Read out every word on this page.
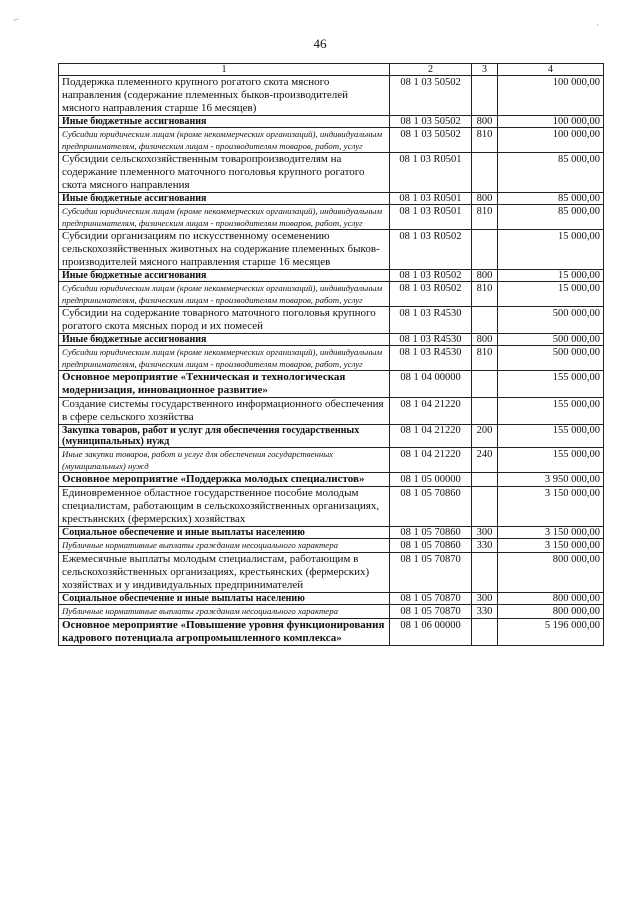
46
⌐
·
1	2	3	4
Поддержка племенного крупного рогатого скота мясного направления (содержание племенных быков-производителей мясного направления старше 16 месяцев)	08 1 03 50502		100 000,00
Иные бюджетные ассигнования	08 1 03 50502	800	100 000,00
Субсидии юридическим лицам (кроме некоммерческих организаций), индивидуальным предпринимателям, физическим лицам - производителям товаров, работ, услуг	08 1 03 50502	810	100 000,00
Субсидии сельскохозяйственным товаропроизводителям на содержание племенного маточного поголовья крупного рогатого скота мясного направления	08 1 03 R0501		85 000,00
Иные бюджетные ассигнования	08 1 03 R0501	800	85 000,00
Субсидии юридическим лицам (кроме некоммерческих организаций), индивидуальным предпринимателям, физическим лицам - производителям товаров, работ, услуг	08 1 03 R0501	810	85 000,00
Субсидии организациям по искусственному осеменению сельскохозяйственных животных на содержание племенных быков-производителей мясного направления старше 16 месяцев	08 1 03 R0502		15 000,00
Иные бюджетные ассигнования	08 1 03 R0502	800	15 000,00
Субсидии юридическим лицам (кроме некоммерческих организаций), индивидуальным предпринимателям, физическим лицам - производителям товаров, работ, услуг	08 1 03 R0502	810	15 000,00
Субсидии на содержание товарного маточного поголовья крупного рогатого скота мясных пород и их помесей	08 1 03 R4530		500 000,00
Иные бюджетные ассигнования	08 1 03 R4530	800	500 000,00
Субсидии юридическим лицам (кроме некоммерческих организаций), индивидуальным предпринимателям, физическим лицам - производителям товаров, работ, услуг	08 1 03 R4530	810	500 000,00
Основное мероприятие «Техническая и технологическая модернизация, инновационное развитие»	08 1 04 00000		155 000,00
Создание системы государственного информационного обеспечения в сфере сельского хозяйства	08 1 04 21220		155 000,00
Закупка товаров, работ и услуг для обеспечения государственных (муниципальных) нужд	08 1 04 21220	200	155 000,00
Иные закупки товаров, работ и услуг для обеспечения государственных (муниципальных) нужд	08 1 04 21220	240	155 000,00
Основное мероприятие «Поддержка молодых специалистов»	08 1 05 00000		3 950 000,00
Единовременное областное государственное пособие молодым специалистам, работающим в сельскохозяйственных организациях, крестьянских (фермерских) хозяйствах	08 1 05 70860		3 150 000,00
Социальное обеспечение и иные выплаты населению	08 1 05 70860	300	3 150 000,00
Публичные нормативные выплаты гражданам несоциального характера	08 1 05 70860	330	3 150 000,00
Ежемесячные выплаты молодым специалистам, работающим в сельскохозяйственных организациях, крестьянских (фермерских) хозяйствах и у индивидуальных предпринимателей	08 1 05 70870		800 000,00
Социальное обеспечение и иные выплаты населению	08 1 05 70870	300	800 000,00
Публичные нормативные выплаты гражданам несоциального характера	08 1 05 70870	330	800 000,00
Основное мероприятие «Повышение уровня функционирования кадрового потенциала агропромышленного комплекса»	08 1 06 00000		5 196 000,00
